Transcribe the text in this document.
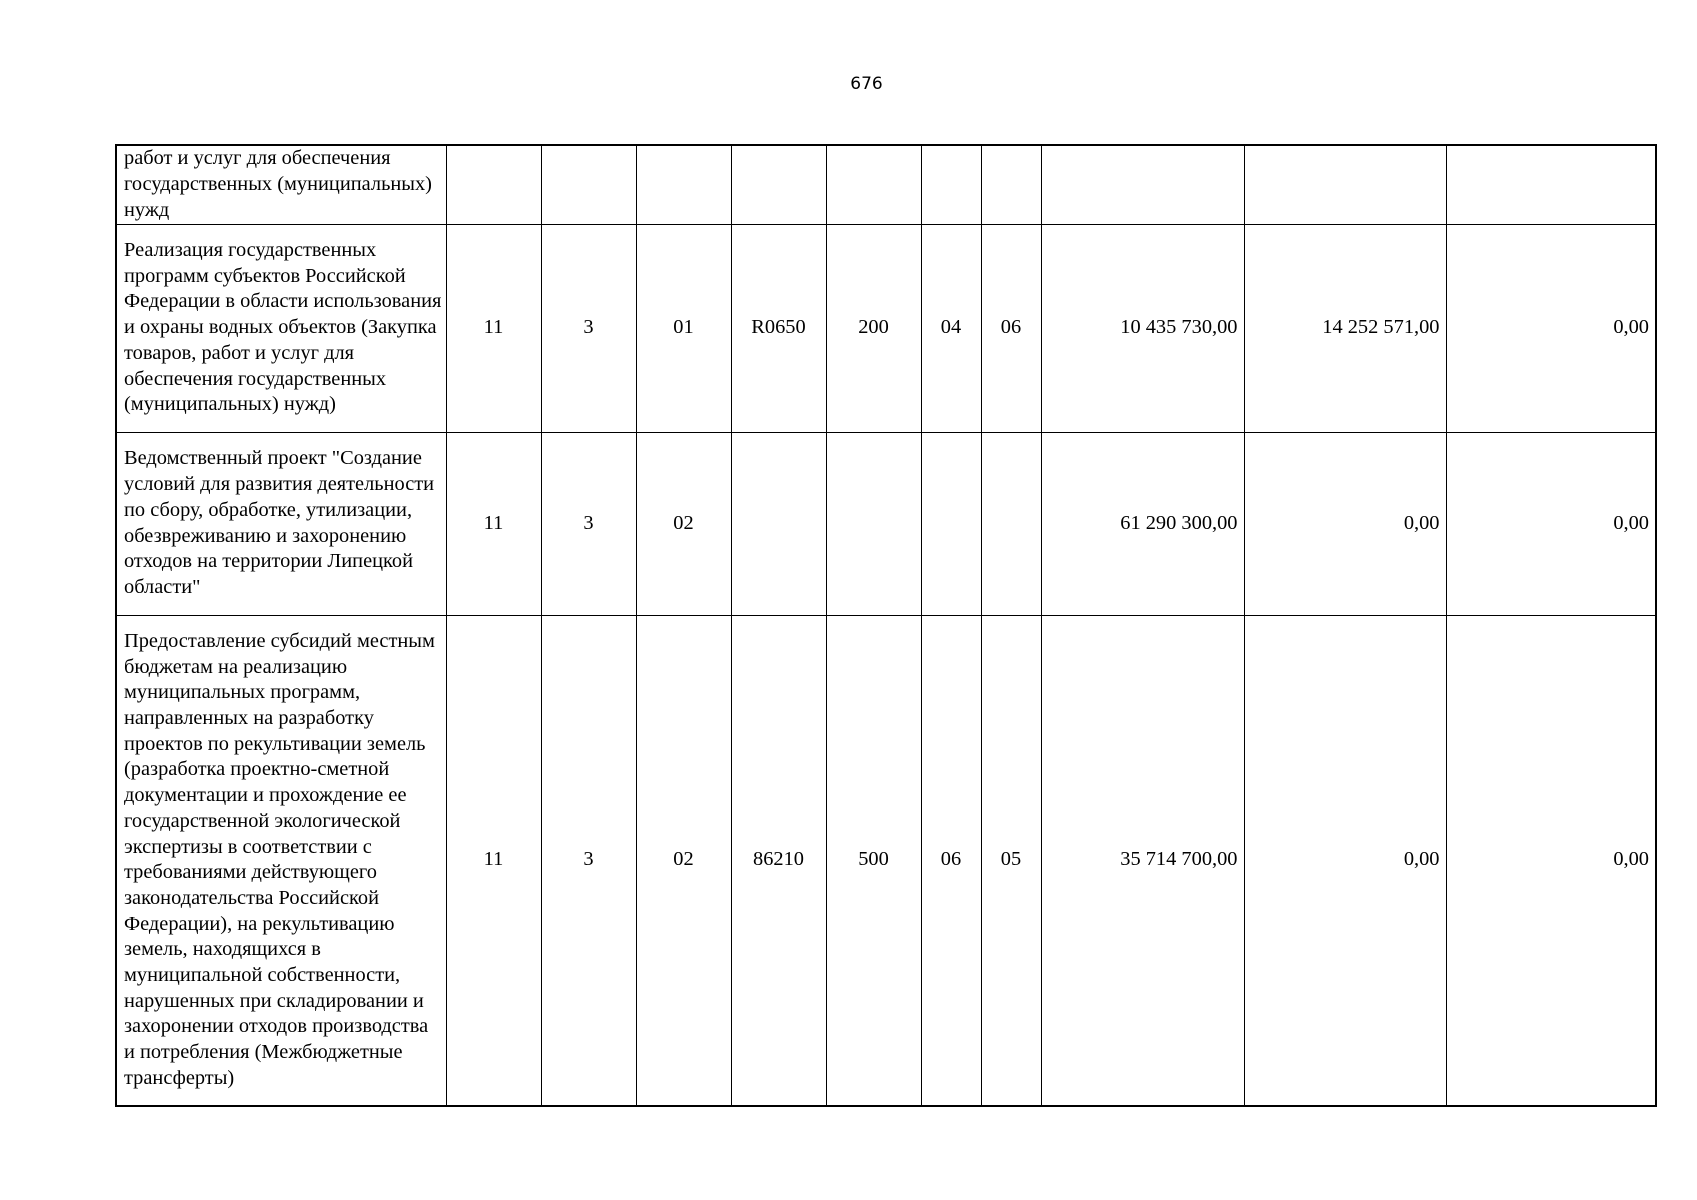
676
работ и услуг для обеспечения государственных (муниципальных) нужд										
Реализация государственных программ субъектов Российской Федерации в области использования и охраны водных объектов (Закупка товаров, работ и услуг для обеспечения государственных (муниципальных) нужд)	11	3	01	R0650	200	04	06	10 435 730,00	14 252 571,00	0,00
Ведомственный проект "Создание условий для развития деятельности по сбору, обработке, утилизации, обезвреживанию и захоронению отходов на территории Липецкой области"	11	3	02					61 290 300,00	0,00	0,00
Предоставление субсидий местным бюджетам на реализацию муниципальных программ, направленных на разработку проектов по рекультивации земель (разработка проектно-сметной документации и прохождение ее государственной экологической экспертизы в соответствии с требованиями действующего законодательства Российской Федерации), на рекультивацию земель, находящихся в муниципальной собственности, нарушенных при складировании и захоронении отходов производства и потребления (Межбюджетные трансферты)	11	3	02	86210	500	06	05	35 714 700,00	0,00	0,00
